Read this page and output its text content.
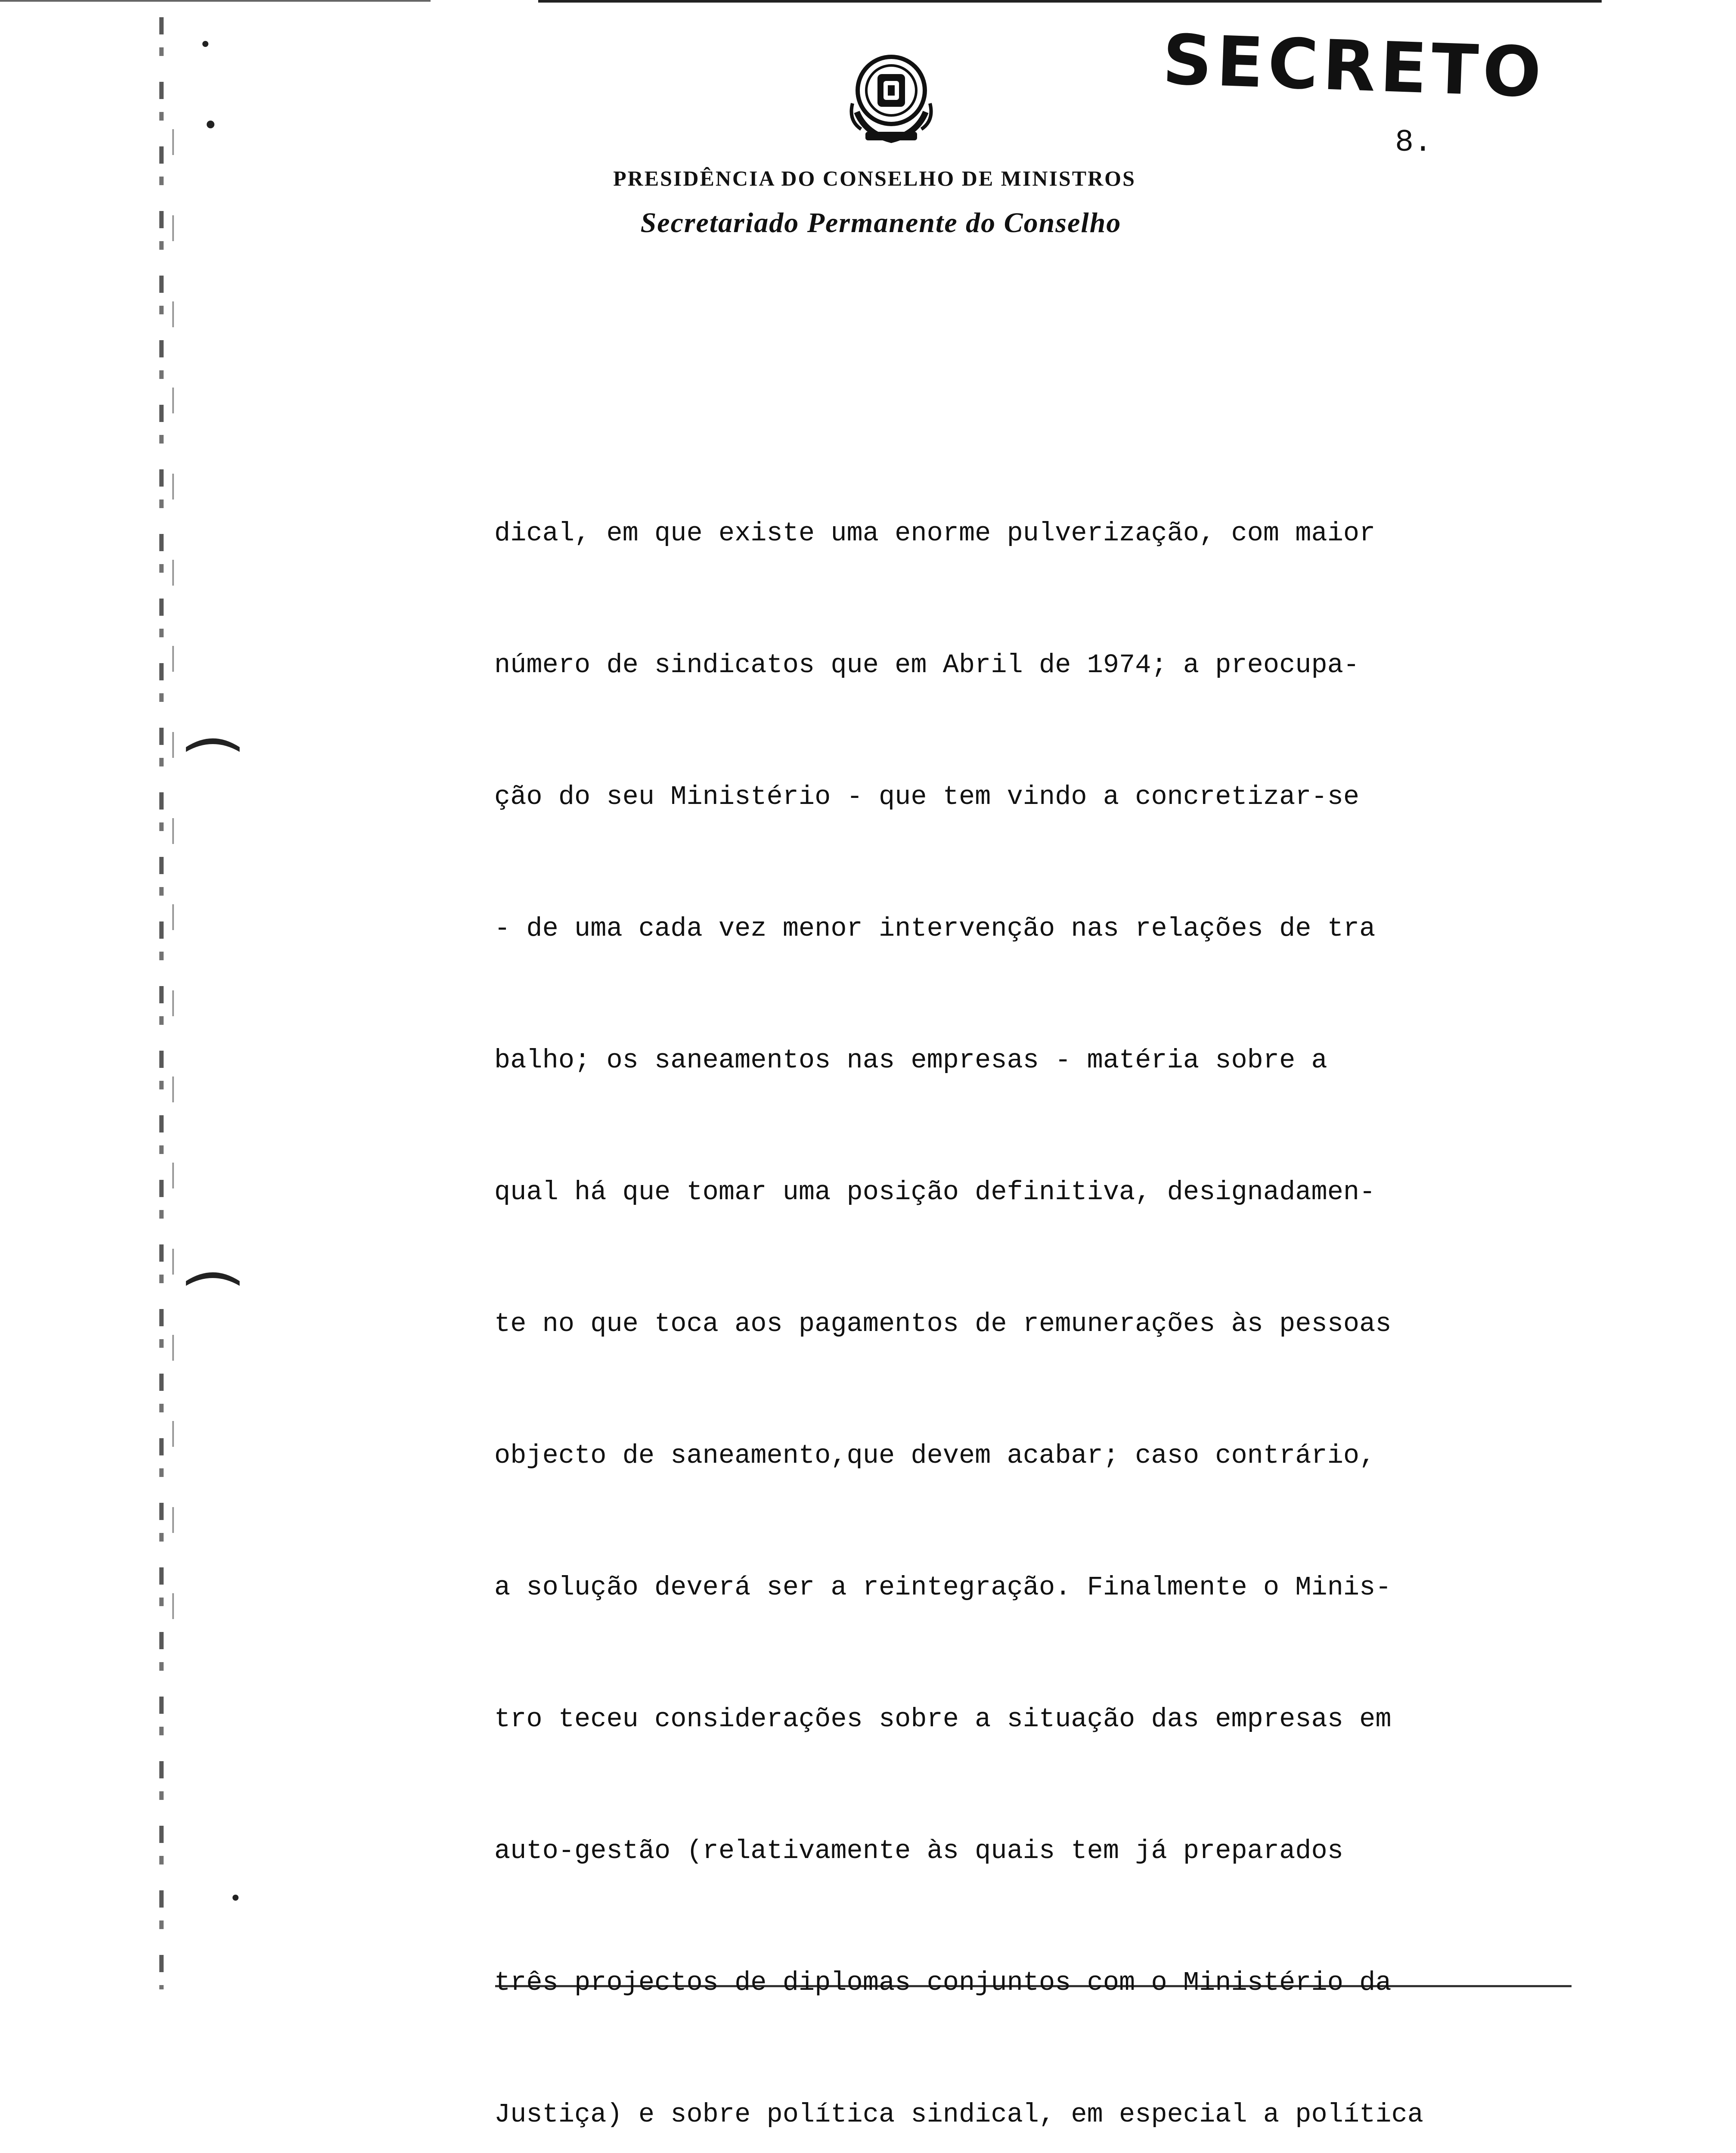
(
(
SECRETO
8.
PRESIDÊNCIA DO CONSELHO DE MINISTROS
Secretariado Permanente do Conselho

dical, em que existe uma enorme pulverização, com maior

número de sindicatos que em Abril de 1974; a preocupa-

ção do seu Ministério - que tem vindo a concretizar-se

- de uma cada vez menor intervenção nas relações de tra

balho; os saneamentos nas empresas - matéria sobre a

qual há que tomar uma posição definitiva, designadamen-

te no que toca aos pagamentos de remunerações às pessoas

objecto de saneamento,que devem acabar; caso contrário,

a solução deverá ser a reintegração. Finalmente o Minis-

tro teceu considerações sobre a situação das empresas em

auto-gestão (relativamente às quais tem já preparados

três projectos de diplomas conjuntos com o Ministério da

Justiça) e sobre política sindical, em especial a política
